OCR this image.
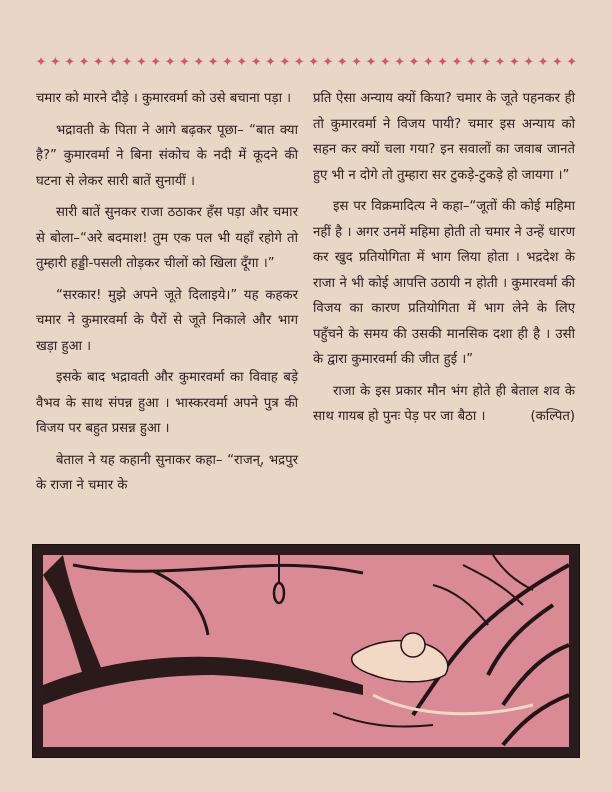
✦ ✦ ✦ ✦ ✦ ✦ ✦ ✦ ✦ ✦ ✦ ✦ ✦ ✦ ✦ ✦ ✦ ✦ ✦ ✦ ✦ ✦ ✦ ✦ ✦ ✦ ✦ ✦ ✦ ✦ ✦ ✦ ✦ ✦ ✦ ✦ ✦ ✦

चमार को मारने दौड़े । कुमारवर्मा को उसे बचाना पड़ा ।

भद्रावती के पिता ने आगे बढ़कर पूछा– “बात क्या है?” कुमारवर्मा ने बिना संकोच के नदी में कूदने की घटना से लेकर सारी बातें सुनायीं ।

सारी बातें सुनकर राजा ठठाकर हँस पड़ा और चमार से बोला–“अरे बदमाश! तुम एक पल भी यहाँ रहोगे तो तुम्हारी हड्डी-पसली तोड़कर चीलों को खिला दूँगा ।”

“सरकार! मुझे अपने जूते दिलाइये।” यह कहकर चमार ने कुमारवर्मा के पैरों से जूते निकाले और भाग खड़ा हुआ ।

इसके बाद भद्रावती और कुमारवर्मा का विवाह बड़े वैभव के साथ संपन्न हुआ । भास्करवर्मा अपने पुत्र की विजय पर बहुत प्रसन्न हुआ ।

बेताल ने यह कहानी सुनाकर कहा– “राजन्, भद्रपुर के राजा ने चमार के

प्रति ऐसा अन्याय क्यों किया? चमार के जूते पहनकर ही तो कुमारवर्मा ने विजय पायी? चमार इस अन्याय को सहन कर क्यों चला गया? इन सवालों का जवाब जानते हुए भी न दोगे तो तुम्हारा सर टुकड़े-टुकड़े हो जायगा ।”

इस पर विक्रमादित्य ने कहा–“जूतों की कोई महिमा नहीं है । अगर उनमें महिमा होती तो चमार ने उन्हें धारण कर खुद प्रतियोगिता में भाग लिया होता । भद्रदेश के राजा ने भी कोई आपत्ति उठायी न होती । कुमारवर्मा की विजय का कारण प्रतियोगिता में भाग लेने के लिए पहुँचने के समय की उसकी मानसिक दशा ही है । उसी के द्वारा कुमारवर्मा की जीत हुई ।”

राजा के इस प्रकार मौन भंग होते ही बेताल शव के साथ गायब हो पुनः पेड़ पर जा बैठा ।	(कल्पित)
